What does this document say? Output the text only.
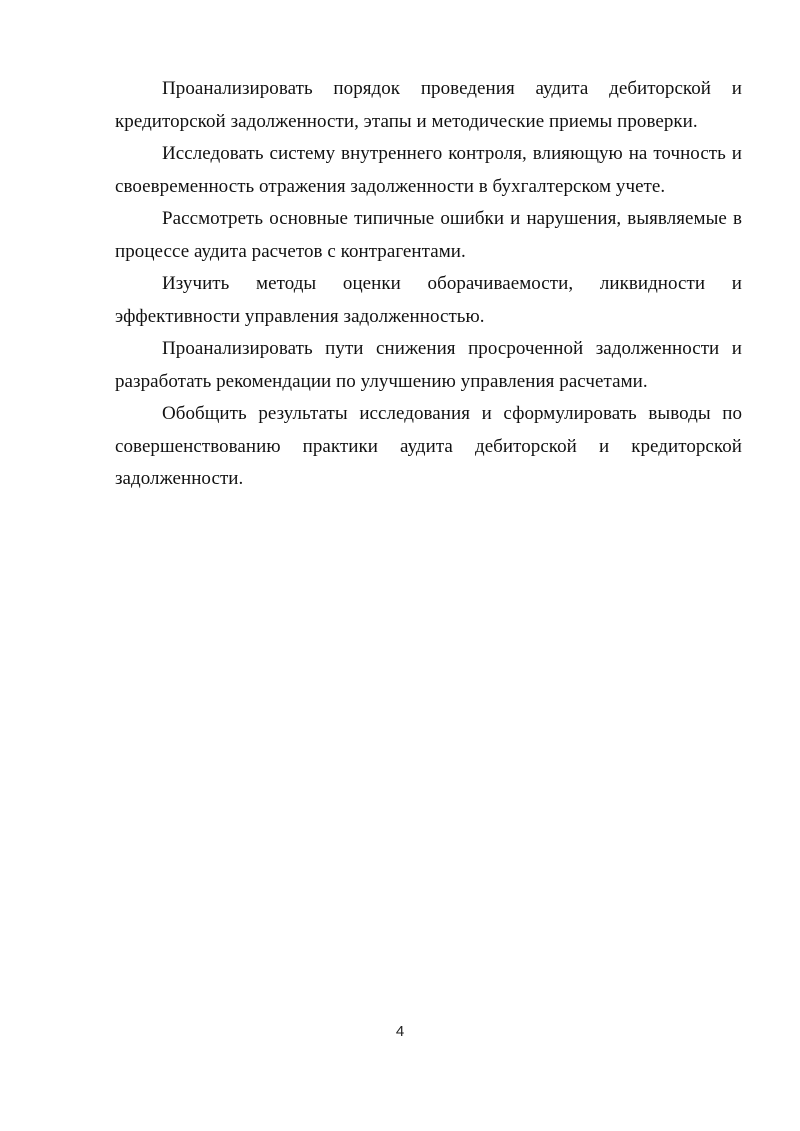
Проанализировать порядок проведения аудита дебиторской и кредиторской задолженности, этапы и методические приемы проверки.

Исследовать систему внутреннего контроля, влияющую на точность и своевременность отражения задолженности в бухгалтерском учете.

Рассмотреть основные типичные ошибки и нарушения, выявляемые в процессе аудита расчетов с контрагентами.

Изучить методы оценки оборачиваемости, ликвидности и эффективности управления задолженностью.

Проанализировать пути снижения просроченной задолженности и разработать рекомендации по улучшению управления расчетами.

Обобщить результаты исследования и сформулировать выводы по совершенствованию практики аудита дебиторской и кредиторской задолженности.

4
